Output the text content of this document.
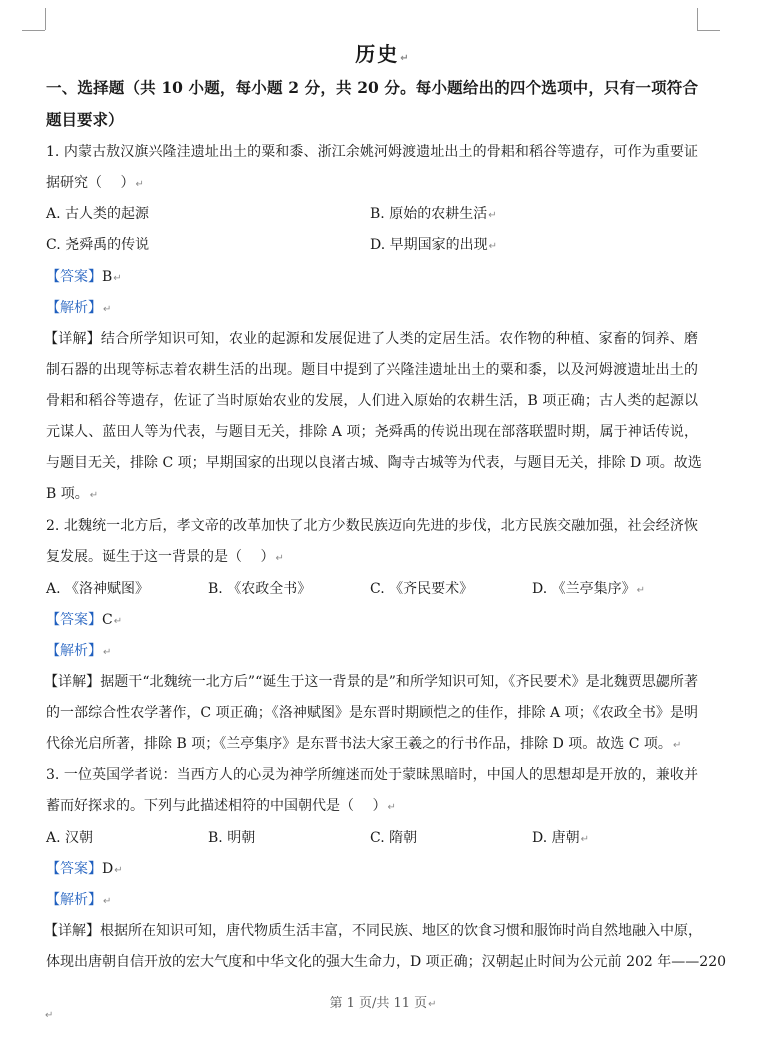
历史↵
一、选择题（共 10 小题，每小题 2 分，共 20 分。每小题给出的四个选项中，只有一项符合
题目要求）
1. 内蒙古敖汉旗兴隆洼遗址出土的粟和黍、浙江余姚河姆渡遗址出土的骨耜和稻谷等遗存，可作为重要证
据研究（　 ）↵
A. 古人类的起源	B. 原始的农耕生活↵
C. 尧舜禹的传说	D. 早期国家的出现↵
【答案】B↵
【解析】↵
【详解】结合所学知识可知，农业的起源和发展促进了人类的定居生活。农作物的种植、家畜的饲养、磨
制石器的出现等标志着农耕生活的出现。题目中提到了兴隆洼遗址出土的粟和黍，以及河姆渡遗址出土的
骨耜和稻谷等遗存，佐证了当时原始农业的发展，人们进入原始的农耕生活，B 项正确；古人类的起源以
元谋人、蓝田人等为代表，与题目无关，排除 A 项；尧舜禹的传说出现在部落联盟时期，属于神话传说，
与题目无关，排除 C 项；早期国家的出现以良渚古城、陶寺古城等为代表，与题目无关，排除 D 项。故选
B 项。↵
2. 北魏统一北方后，孝文帝的改革加快了北方少数民族迈向先进的步伐，北方民族交融加强，社会经济恢
复发展。诞生于这一背景的是（　 ）↵
A. 《洛神赋图》	B. 《农政全书》	C. 《齐民要术》	D. 《兰亭集序》↵
【答案】C↵
【解析】↵
【详解】据题干“北魏统一北方后”“诞生于这一背景的是”和所学知识可知，《齐民要术》是北魏贾思勰所著
的一部综合性农学著作，C 项正确；《洛神赋图》是东晋时期顾恺之的佳作，排除 A 项；《农政全书》是明
代徐光启所著，排除 B 项；《兰亭集序》是东晋书法大家王羲之的行书作品，排除 D 项。故选 C 项。↵
3. 一位英国学者说：当西方人的心灵为神学所缠迷而处于蒙昧黑暗时，中国人的思想却是开放的，兼收并
蓄而好探求的。下列与此描述相符的中国朝代是（　 ）↵
A. 汉朝	B. 明朝	C. 隋朝	D. 唐朝↵
【答案】D↵
【解析】↵
【详解】根据所在知识可知，唐代物质生活丰富，不同民族、地区的饮食习惯和服饰时尚自然地融入中原，
体现出唐朝自信开放的宏大气度和中华文化的强大生命力，D 项正确；汉朝起止时间为公元前 202 年——220
第 1 页/共 11 页↵
↵
